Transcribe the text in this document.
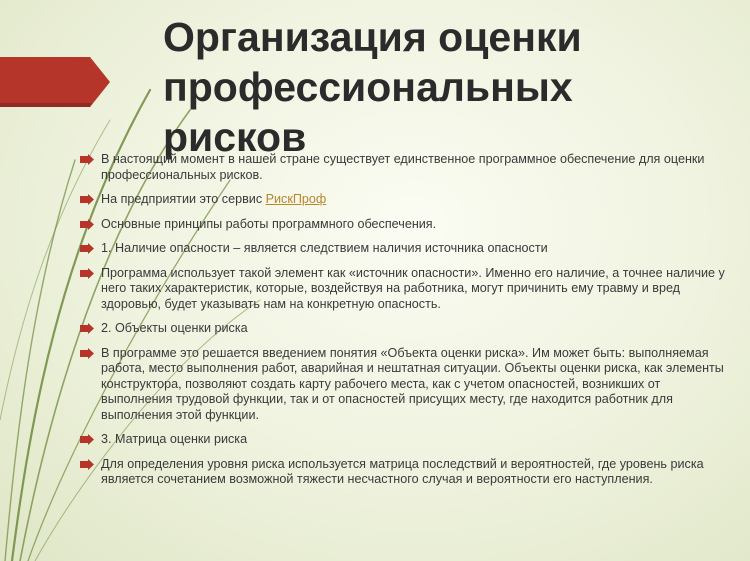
Организация оценки
профессиональных
рисков
В настоящий момент в нашей стране существует единственное программное обеспечение для оценки профессиональных рисков.
На предприятии это сервис РискПроф
Основные принципы работы программного обеспечения.
1. Наличие опасности – является следствием наличия источника опасности
Программа использует такой элемент как «источник опасности». Именно его наличие, а точнее наличие у него таких характеристик, которые, воздействуя на работника, могут причинить ему травму и вред здоровью, будет указывать нам на конкретную опасность.
2. Объекты оценки риска
В программе это решается введением понятия «Объекта оценки риска». Им может быть: выполняемая работа, место выполнения работ, аварийная и нештатная ситуации. Объекты оценки риска, как элементы конструктора, позволяют создать карту рабочего места, как с учетом опасностей, возникших от выполнения трудовой функции, так и от опасностей присущих месту, где находится работник для выполнения этой функции.
3. Матрица оценки риска
Для определения уровня риска используется матрица последствий и вероятностей, где уровень риска является сочетанием возможной тяжести несчастного случая и вероятности его наступления.
